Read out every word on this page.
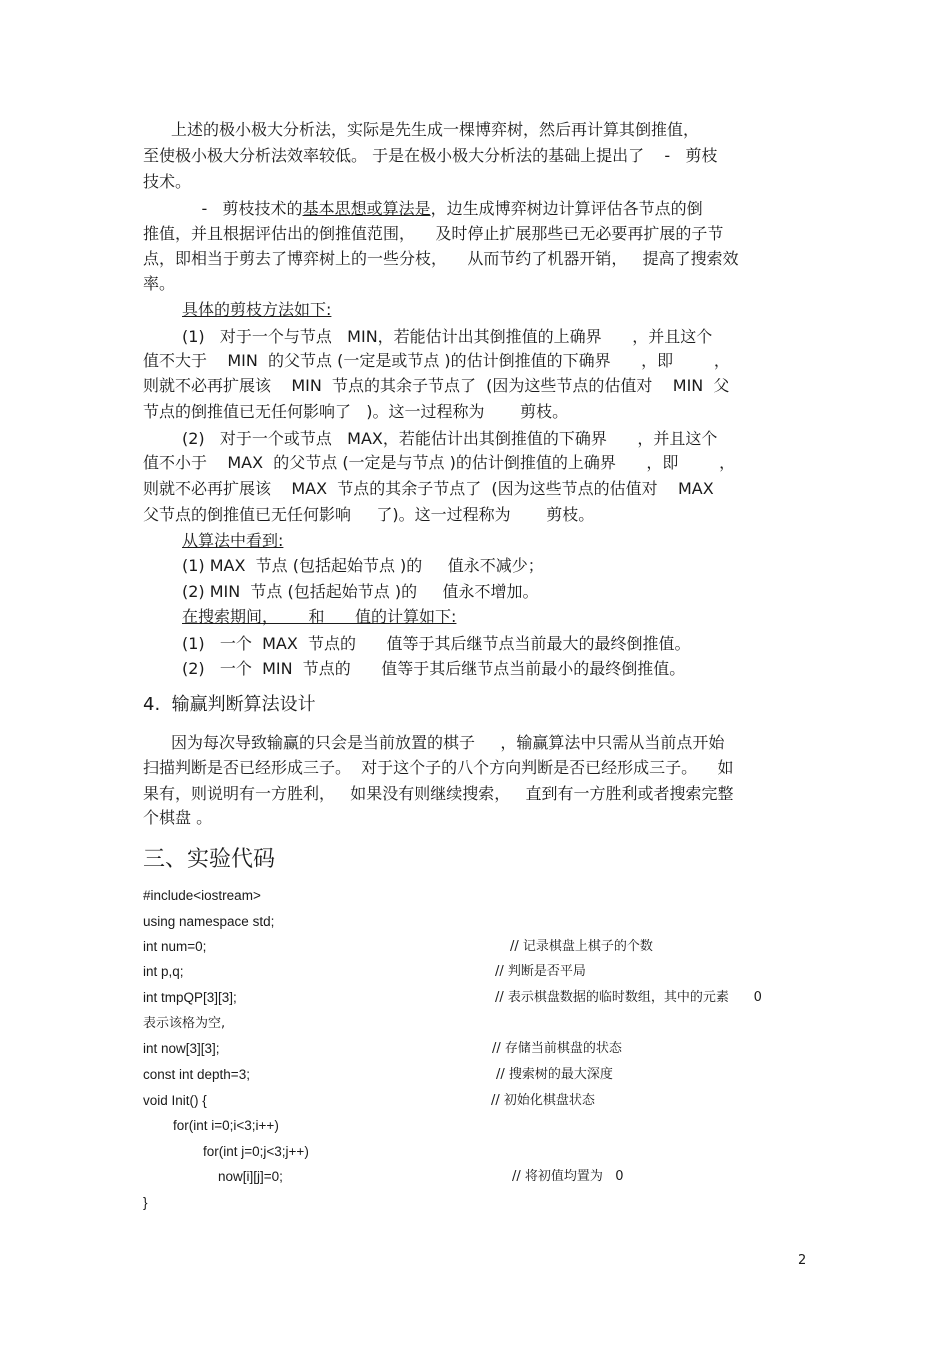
上述的极小极大分析法，实际是先生成一棵博弈树，然后再计算其倒推值，
至使极小极大分析法效率较低。 于是在极小极大分析法的基础上提出了    -   剪枝
技术。
-   剪枝技术的基本思想或算法是，边生成博弈树边计算评估各节点的倒
推值，并且根据评估出的倒推值范围，    及时停止扩展那些已无必要再扩展的子节
点，即相当于剪去了博弈树上的一些分枝，    从而节约了机器开销，   提高了搜索效
率。
具体的剪枝方法如下:
(1)   对于一个与节点   MIN，若能估计出其倒推值的上确界      ，并且这个
值不大于    MIN  的父节点 (一定是或节点 )的估计倒推值的下确界      ，即        ，
则就不必再扩展该    MIN  节点的其余子节点了  (因为这些节点的估值对    MIN  父
节点的倒推值已无任何影响了   )。这一过程称为       剪枝。
(2)   对于一个或节点   MAX，若能估计出其倒推值的下确界      ，并且这个
值不小于    MAX  的父节点 (一定是与节点 )的估计倒推值的上确界      ，即        ，
则就不必再扩展该    MAX  节点的其余子节点了  (因为这些节点的估值对    MAX
父节点的倒推值已无任何影响     了)。这一过程称为       剪枝。
从算法中看到:
(1) MAX  节点 (包括起始节点 )的     值永不减少；
(2) MIN  节点 (包括起始节点 )的     值永不增加。
在搜索期间，      和      值的计算如下:
(1)   一个  MAX  节点的      值等于其后继节点当前最大的最终倒推值。
(2)   一个  MIN  节点的      值等于其后继节点当前最小的最终倒推值。
4.  输赢判断算法设计
因为每次导致输赢的只会是当前放置的棋子     ，输赢算法中只需从当前点开始
扫描判断是否已经形成三子。  对于这个子的八个方向判断是否已经形成三子。    如
果有，则说明有一方胜利，   如果没有则继续搜索，   直到有一方胜利或者搜索完整
个棋盘 。
三、实验代码
#include<iostream>
using namespace std;
int num=0;	// 记录棋盘上棋子的个数
int p,q;	// 判断是否平局
int tmpQP[3][3];	// 表示棋盘数据的临时数组，其中的元素      0
表示该格为空,
int now[3][3];	// 存储当前棋盘的状态
const int depth=3;	// 搜索树的最大深度
void Init() {	// 初始化棋盘状态
for(int i=0;i<3;i++)
for(int j=0;j<3;j++)
now[i][j]=0;	// 将初值均置为   0
}
2
